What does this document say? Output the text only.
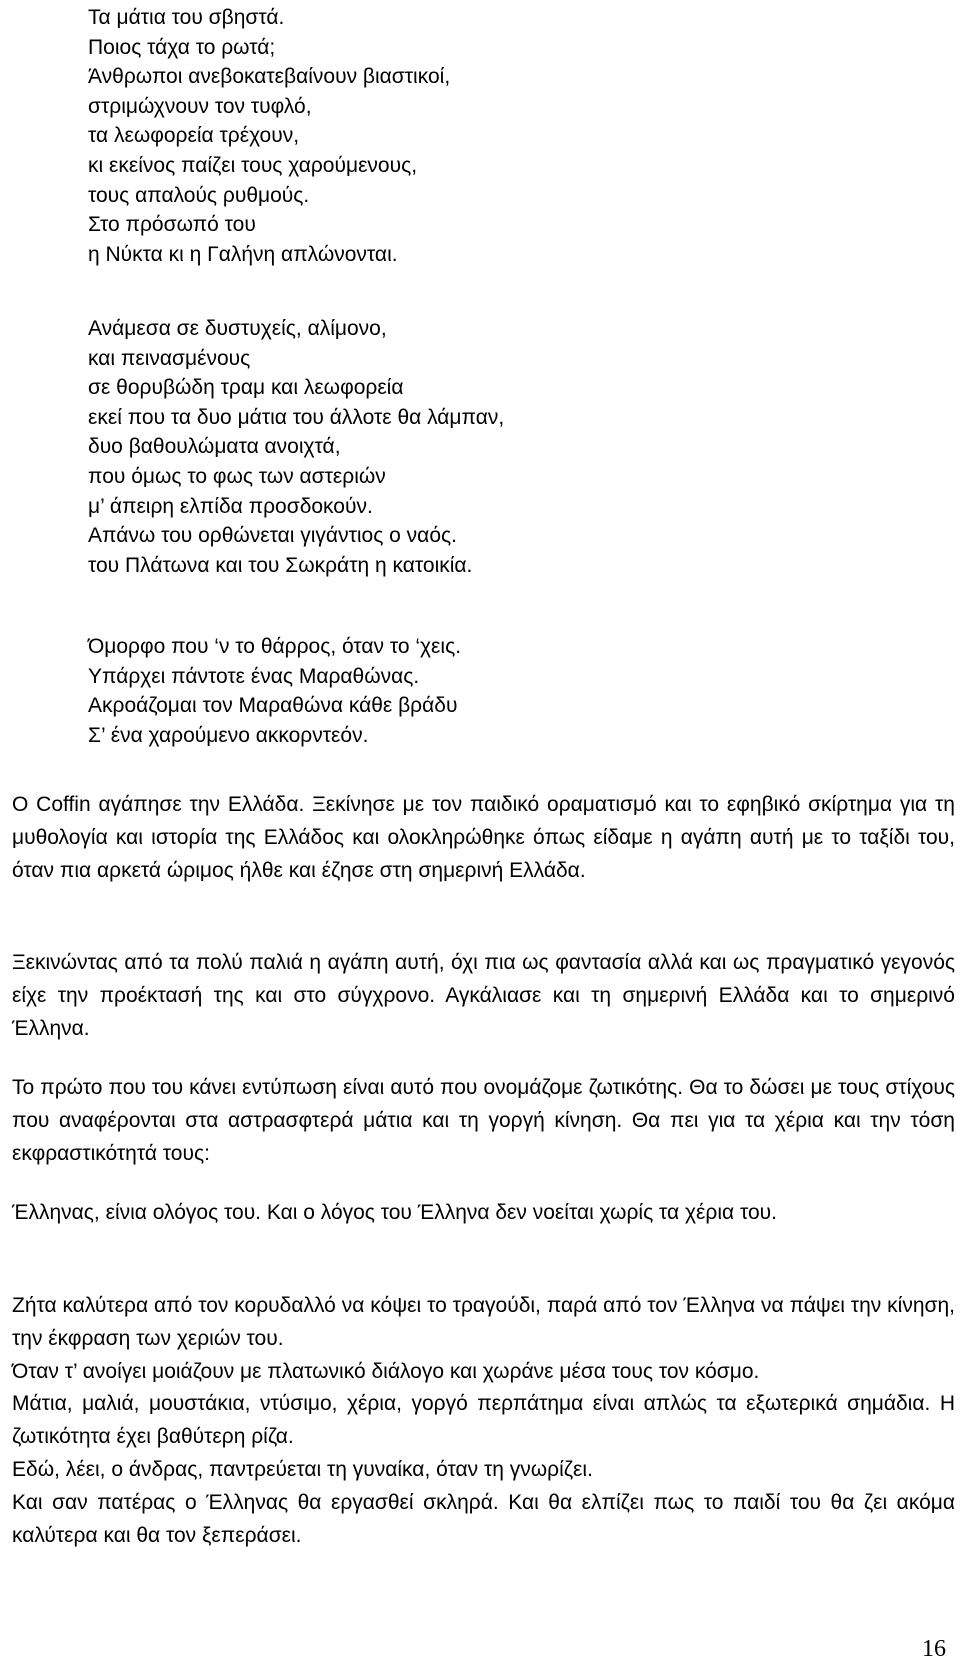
Τα μάτια του σβηστά.
Ποιος τάχα το ρωτά;
Άνθρωποι ανεβοκατεβαίνουν βιαστικοί,
στριμώχνουν τον τυφλό,
τα λεωφορεία τρέχουν,
κι εκείνος παίζει τους χαρούμενους,
τους απαλούς ρυθμούς.
Στο πρόσωπό του
η Νύκτα κι η Γαλήνη απλώνονται.
Ανάμεσα σε δυστυχείς, αλίμονο,
και πεινασμένους
σε θορυβώδη τραμ και λεωφορεία
εκεί που τα δυο μάτια του άλλοτε θα λάμπαν,
δυο βαθουλώματα ανοιχτά,
που όμως το φως των αστεριών
μ’ άπειρη ελπίδα προσδοκούν.
Απάνω του ορθώνεται γιγάντιος ο ναός.
του Πλάτωνα και του Σωκράτη η κατοικία.
Όμορφο που ‘ν το θάρρος, όταν το ‘χεις.
Υπάρχει πάντοτε ένας Μαραθώνας.
Ακροάζομαι τον Μαραθώνα κάθε βράδυ
Σ’ ένα χαρούμενο ακκορντεόν.

Ο Coffin αγάπησε την Ελλάδα. Ξεκίνησε με τον παιδικό οραματισμό και το εφηβικό σκίρτημα για τη μυθολογία και ιστορία της Ελλάδος και ολοκληρώθηκε όπως είδαμε η αγάπη αυτή με το ταξίδι του, όταν πια αρκετά ώριμος ήλθε και έζησε στη σημερινή Ελλάδα.

Ξεκινώντας από τα πολύ παλιά η αγάπη αυτή, όχι πια ως φαντασία αλλά και ως πραγματικό γεγονός είχε την προέκτασή της και στο σύγχρονο. Αγκάλιασε και τη σημερινή Ελλάδα και το σημερινό Έλληνα.

Το πρώτο που του κάνει εντύπωση είναι αυτό που ονομάζομε ζωτικότης. Θα το δώσει με τους στίχους που αναφέρονται στα αστρασφτερά μάτια και τη γοργή κίνηση. Θα πει για τα χέρια και την τόση εκφραστικότητά τους:

Έλληνας, είνια ολόγος του. Και ο λόγος του Έλληνα δεν νοείται χωρίς τα χέρια του.

Ζήτα καλύτερα από τον κορυδαλλό να κόψει το τραγούδι, παρά από τον Έλληνα να πάψει την κίνηση, την έκφραση των χεριών του.

Όταν τ’ ανοίγει μοιάζουν με πλατωνικό διάλογο και χωράνε μέσα τους τον κόσμο.

Μάτια, μαλιά, μουστάκια, ντύσιμο, χέρια, γοργό περπάτημα είναι απλώς τα εξωτερικά σημάδια. Η ζωτικότητα έχει βαθύτερη ρίζα.

Εδώ, λέει, ο άνδρας, παντρεύεται τη γυναίκα, όταν τη γνωρίζει.

Και σαν πατέρας ο Έλληνας θα εργασθεί σκληρά. Και θα ελπίζει πως το παιδί του θα ζει ακόμα καλύτερα και θα τον ξεπεράσει.

16
